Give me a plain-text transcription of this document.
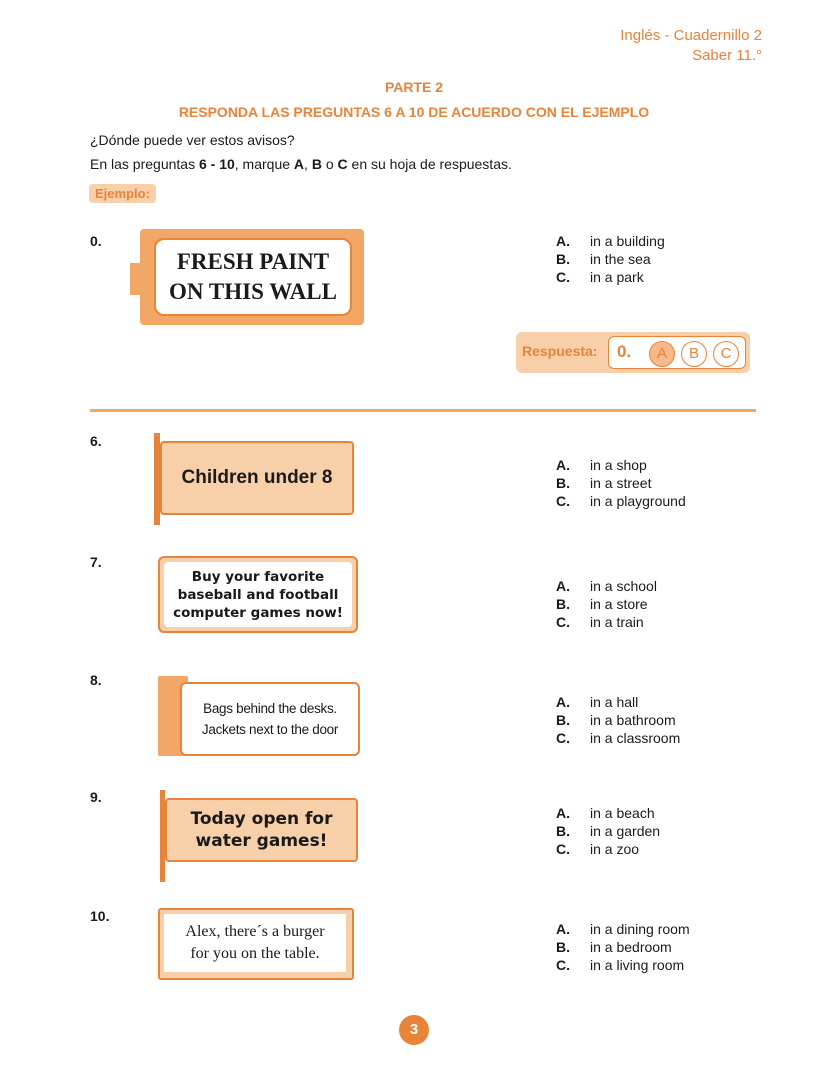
Inglés - Cuadernillo 2
Saber 11.°
PARTE 2
RESPONDA LAS PREGUNTAS 6 A 10 DE ACUERDO CON EL EJEMPLO
¿Dónde puede ver estos avisos?
En las preguntas 6 - 10, marque A, B o C en su hoja de respuestas.
Ejemplo:
0.
FRESH PAINT
ON THIS WALL
A.	in a building
B.	in the sea
C.	in a park
Respuesta: 0.	A	B	C
6.
Children under 8
A.	in a shop
B.	in a street
C.	in a playground
7.
Buy your favorite
baseball and football
computer games now!
A.	in a school
B.	in a store
C.	in a train
8.
Bags behind the desks.
Jackets next to the door
A.	in a hall
B.	in a bathroom
C.	in a classroom
9.
Today open for
water games!
A.	in a beach
B.	in a garden
C.	in a zoo
10.
Alex, there´s a burger
for you on the table.
A.	in a dining room
B.	in a bedroom
C.	in a living room
3
